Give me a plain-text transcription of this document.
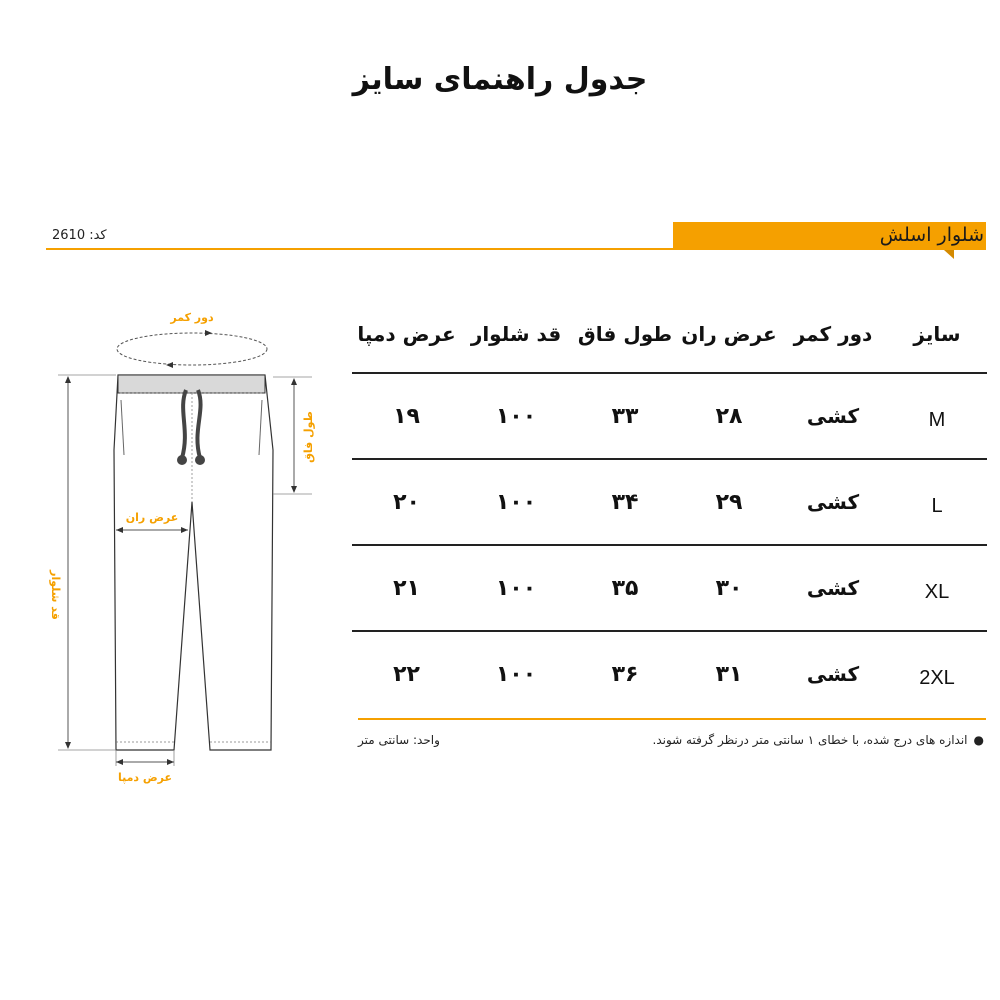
جدول راهنمای سایز
شلوار اسلش
کد: 2610
سایز	دور کمر	عرض ران	طول فاق	قد شلوار	عرض دمپا
M	کشی	۲۸	۳۳	۱۰۰	۱۹
L	کشی	۲۹	۳۴	۱۰۰	۲۰
XL	کشی	۳۰	۳۵	۱۰۰	۲۱
2XL	کشی	۳۱	۳۶	۱۰۰	۲۲
●اندازه های درج شده، با خطای ۱ سانتی متر درنظر گرفته شوند.
واحد: سانتی متر
دور کمر
قد شلوار
طول فاق
عرض ران
عرض دمپا
